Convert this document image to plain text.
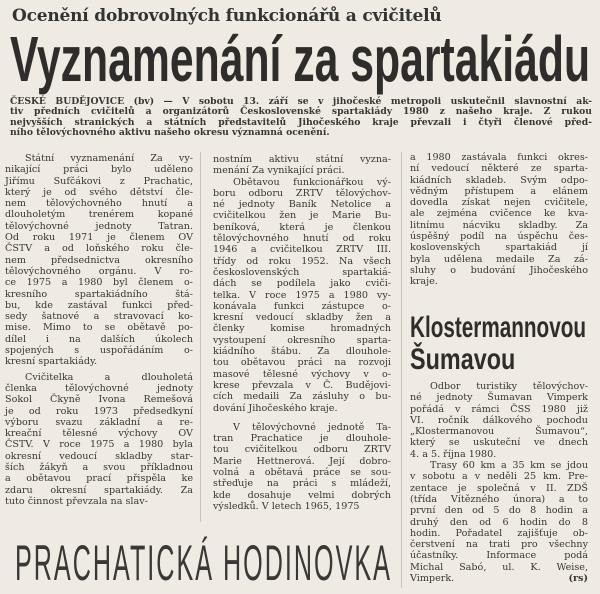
Ocenění dobrovolných funkcionářů a cvičitelů
Vyznamenání za spartakiádu
ČESKÉ BUDĚJOVICE (bv) — V sobotu 13. září se v jihočeské metropoli uskutečnil slavnostní ak-
tiv předních cvičitelů a organizátorů Československé spartakiády 1980 z našeho kraje. Z rukou
nejvyšších stranických a státních představitelů Jihočeského kraje převzali i čtyři členové před-
ního tělovýchovného aktivu našeho okresu významná ocenění.
Státní vyznamenání Za vy-
nikající práci bylo uděleno
Jiřímu Sufčákovi z Prachatic,
který je od svého dětství čle-
nem tělovýchovného hnutí a
dlouholetým trenérem kopané
tělovýchovné jednoty Tatran.
Od roku 1971 je členem OV
ČSTV a od loňského roku čle-
nem předsednictva okresního
tělovýchovného orgánu. V ro-
ce 1975 a 1980 byl členem o-
kresního spartakiádního štá-
bu, kde zastával funkci před-
sedy šatnové a stravovací ko-
mise. Mimo to se obětavě po-
dílel i na dalších úkolech
spojených s uspořádáním o-
kresní spartakiády.
Cvičitelka a dlouholetá
členka tělovýchovné jednoty
Sokol Čkyně Ivona Remešová
je od roku 1973 předsedkyní
výboru svazu základní a re-
kreační tělesné výchovy OV
ČSTV. V roce 1975 a 1980 byla
okresní vedoucí skladby star-
ších žákyň a svou příkladnou
a obětavou prací přispěla ke
zdaru okresní spartakiády. Za
tuto činnost převzala na slav-
nostním aktivu státní vyzna-
menání Za vynikající práci.
Obětavou funkcionářkou vý-
boru odboru ZRTV tělovýchov-
né jednoty Baník Netolice a
cvičitelkou žen je Marie Bu-
beníková, která je členkou
tělovýchovného hnutí od roku
1946 a cvičitelkou ZRTV III.
třídy od roku 1952. Na všech
československých spartakiá-
dách se podílela jako cviči-
telka. V roce 1975 a 1980 vy-
konávala funkci zástupce o-
kresní vedoucí skladby žen a
členky komise hromadných
vystoupení okresního sparta-
kiádního štábu. Za dlouhole-
tou obětavou práci na rozvoji
masové tělesné výchovy v o-
krese převzala v Č. Budějovi-
cích medaili Za zásluhy o bu-
dování Jihočeského kraje.
V tělovýchovné jednotě Ta-
tran Prachatice je dlouhole-
tou cvičitelkou odboru ZRTV
Marie Hettnerová. Její dobro-
volná a obětavá práce se sou-
střeďuje na práci s mládeží,
kde dosahuje velmi dobrých
výsledků. V letech 1965, 1975
a 1980 zastávala funkci okres-
ní vedoucí některé ze sparta-
kiádních skladeb. Svým odpo-
vědným přístupem a elánem
dovedla získat nejen cvičitele,
ale zejména cvičence ke kva-
litnímu nácviku skladby. Za
úspěšný podíl na úspěchu čes-
koslovenských spartakiád jí
byla udělena medaile Za zá-
sluhy o budování Jihočeského
kraje.
Klostermannovou
Šumavou
Odbor turistiky tělovýchov-
né jednoty Šumavan Vimperk
pořádá v rámci ČSS 1980 již
VI. ročník dálkového pochodu
„Klostermanovou Šumavou“,
který se uskuteční ve dnech
4. a 5. října 1980.
Trasy 60 km a 35 km se jdou
v sobotu a v neděli 25 km. Pre-
zentace je společná v II. ZDŠ
(třída Vítězného února) a to
první den od 5 do 8 hodin a
druhý den od 6 hodin do 8
hodin. Pořadatel zajišťuje ob-
čerstvení na trati pro všechny
účastníky. Informace podá
Michal Sabó, ul. K. Weise,
Vimperk.	(rs)
PRACHATICKÁ HODINOVKA
